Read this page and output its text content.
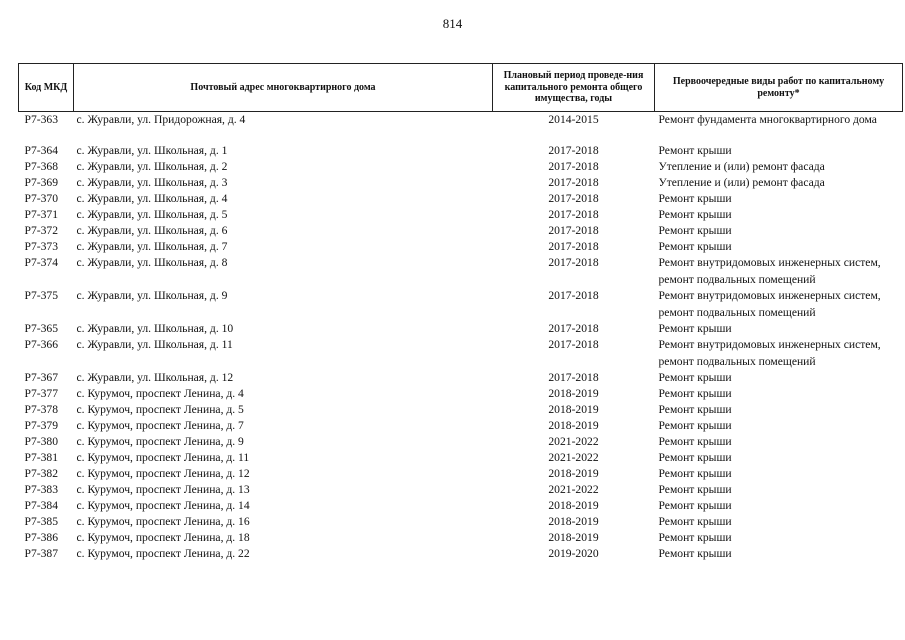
814
Код МКД	Почтовый адрес многоквартирного дома	Плановый период проведе-ния капитального ремонта общего имущества, годы	Первоочередные виды работ по капитальному ремонту*
Р7-363	с. Журавли, ул. Придорожная, д. 4	2014-2015	Ремонт фундамента многоквартирного дома

Р7-364	с. Журавли, ул. Школьная, д. 1	2017-2018	Ремонт крыши
Р7-368	с. Журавли, ул. Школьная, д. 2	2017-2018	Утепление и (или) ремонт фасада
Р7-369	с. Журавли, ул. Школьная, д. 3	2017-2018	Утепление и (или) ремонт фасада
Р7-370	с. Журавли, ул. Школьная, д. 4	2017-2018	Ремонт крыши
Р7-371	с. Журавли, ул. Школьная, д. 5	2017-2018	Ремонт крыши
Р7-372	с. Журавли, ул. Школьная, д. 6	2017-2018	Ремонт крыши
Р7-373	с. Журавли, ул. Школьная, д. 7	2017-2018	Ремонт крыши
Р7-374	с. Журавли, ул. Школьная, д. 8	2017-2018	Ремонт внутридомовых инженерных систем,
ремонт подвальных помещений

Р7-375	с. Журавли, ул. Школьная, д. 9	2017-2018	Ремонт внутридомовых инженерных систем,
ремонт подвальных помещений

Р7-365	с. Журавли, ул. Школьная, д. 10	2017-2018	Ремонт крыши
Р7-366	с. Журавли, ул. Школьная, д. 11	2017-2018	Ремонт внутридомовых инженерных систем,
ремонт подвальных помещений

Р7-367	с. Журавли, ул. Школьная, д. 12	2017-2018	Ремонт крыши
Р7-377	с. Курумоч, проспект Ленина, д. 4	2018-2019	Ремонт крыши
Р7-378	с. Курумоч, проспект Ленина, д. 5	2018-2019	Ремонт крыши
Р7-379	с. Курумоч, проспект Ленина, д. 7	2018-2019	Ремонт крыши
Р7-380	с. Курумоч, проспект Ленина, д. 9	2021-2022	Ремонт крыши
Р7-381	с. Курумоч, проспект Ленина, д. 11	2021-2022	Ремонт крыши
Р7-382	с. Курумоч, проспект Ленина, д. 12	2018-2019	Ремонт крыши
Р7-383	с. Курумоч, проспект Ленина, д. 13	2021-2022	Ремонт крыши
Р7-384	с. Курумоч, проспект Ленина, д. 14	2018-2019	Ремонт крыши
Р7-385	с. Курумоч, проспект Ленина, д. 16	2018-2019	Ремонт крыши
Р7-386	с. Курумоч, проспект Ленина, д. 18	2018-2019	Ремонт крыши
Р7-387	с. Курумоч, проспект Ленина, д. 22	2019-2020	Ремонт крыши
